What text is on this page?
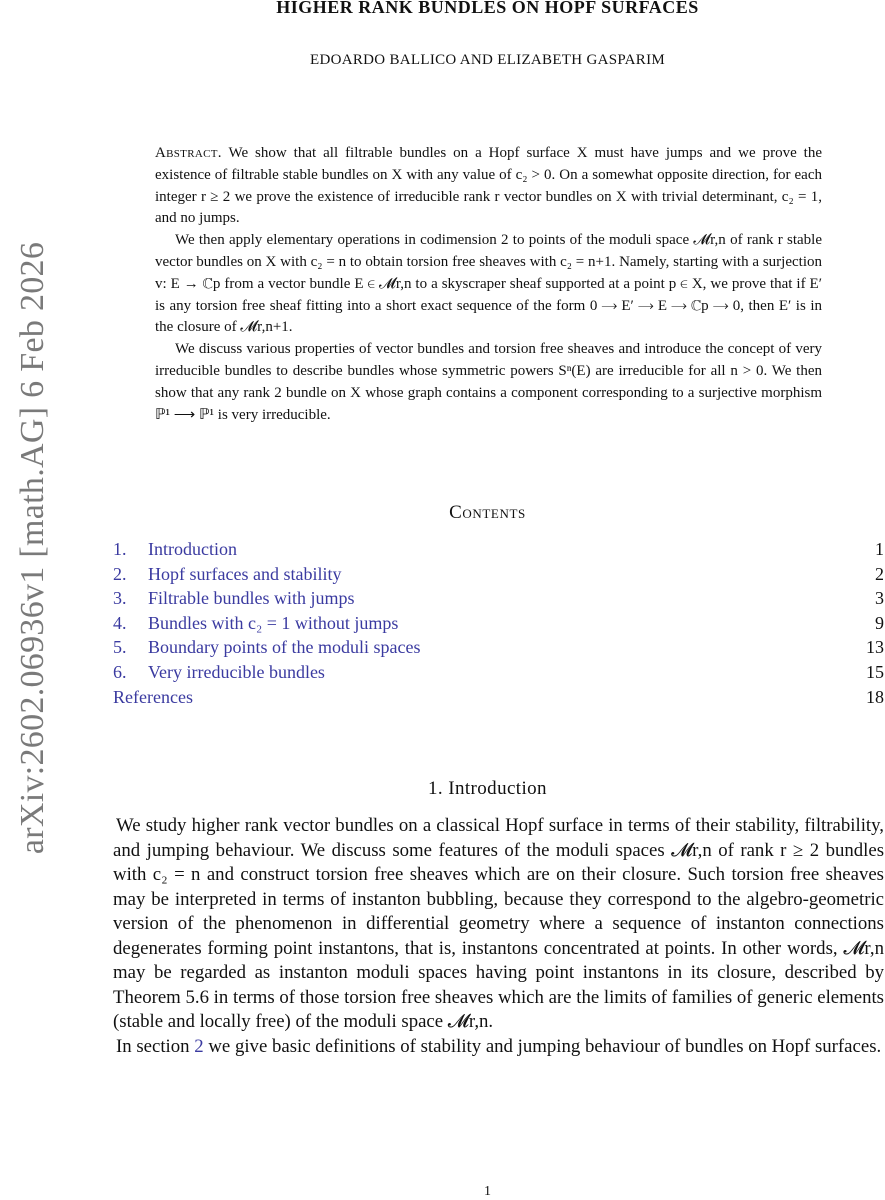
arXiv:2602.06936v1 [math.AG] 6 Feb 2026
HIGHER RANK BUNDLES ON HOPF SURFACES
EDOARDO BALLICO AND ELIZABETH GASPARIM

Abstract. We show that all filtrable bundles on a Hopf surface X must have jumps and we prove the existence of filtrable stable bundles on X with any value of c₂ > 0. On a somewhat opposite direction, for each integer r ≥ 2 we prove the existence of irreducible rank r vector bundles on X with trivial determinant, c₂ = 1, and no jumps.

We then apply elementary operations in codimension 2 to points of the moduli space 𝓜r,n of rank r stable vector bundles on X with c₂ = n to obtain torsion free sheaves with c₂ = n+1. Namely, starting with a surjection v: E → ℂp from a vector bundle E ∈ 𝓜r,n to a skyscraper sheaf supported at a point p ∈ X, we prove that if E′ is any torsion free sheaf fitting into a short exact sequence of the form 0 ⟶ E′ ⟶ E ⟶ ℂp ⟶ 0, then E′ is in the closure of 𝓜r,n+1.

We discuss various properties of vector bundles and torsion free sheaves and introduce the concept of very irreducible bundles to describe bundles whose symmetric powers Sⁿ(E) are irreducible for all n > 0. We then show that any rank 2 bundle on X whose graph contains a component corresponding to a surjective morphism ℙ¹ ⟶ ℙ¹ is very irreducible.

Contents
1. Introduction	1
2. Hopf surfaces and stability	2
3. Filtrable bundles with jumps	3
4. Bundles with c₂ = 1 without jumps	9
5. Boundary points of the moduli spaces	13
6. Very irreducible bundles	15
References	18
1. Introduction

We study higher rank vector bundles on a classical Hopf surface in terms of their stability, filtrability, and jumping behaviour. We discuss some features of the moduli spaces 𝓜r,n of rank r ≥ 2 bundles with c₂ = n and construct torsion free sheaves which are on their closure. Such torsion free sheaves may be interpreted in terms of instanton bubbling, because they correspond to the algebro-geometric version of the phenomenon in differential geometry where a sequence of instanton connections degenerates forming point instantons, that is, instantons concentrated at points. In other words, 𝓜r,n may be regarded as instanton moduli spaces having point instantons in its closure, described by Theorem 5.6 in terms of those torsion free sheaves which are the limits of families of generic elements (stable and locally free) of the moduli space 𝓜r,n.

In section 2 we give basic definitions of stability and jumping behaviour of bundles on Hopf surfaces.

1
